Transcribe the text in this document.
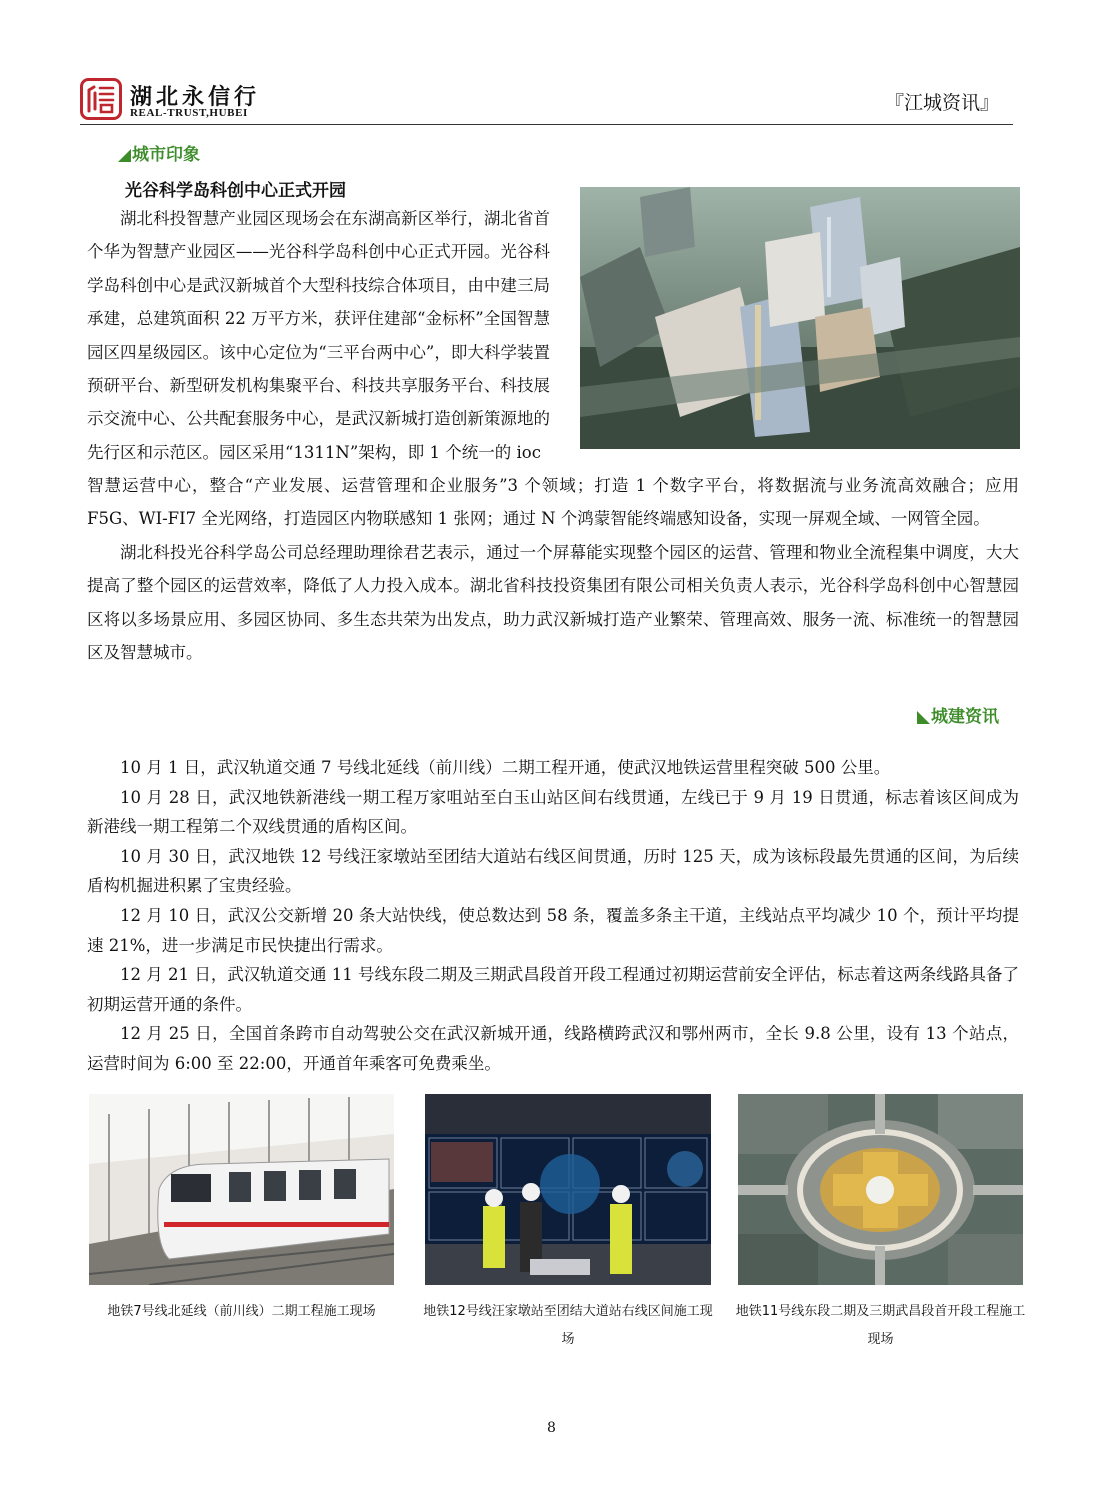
湖北永信行
REAL-TRUST,HUBEI	『江城资讯』
城市印象
光谷科学岛科创中心正式开园

湖北科投智慧产业园区现场会在东湖高新区举行，湖北省首个华为智慧产业园区——光谷科学岛科创中心正式开园。光谷科学岛科创中心是武汉新城首个大型科技综合体项目，由中建三局承建，总建筑面积 22 万平方米，获评住建部“金标杯”全国智慧园区四星级园区。该中心定位为“三平台两中心”，即大科学装置预研平台、新型研发机构集聚平台、科技共享服务平台、科技展示交流中心、公共配套服务中心，是武汉新城打造创新策源地的先行区和示范区。园区采用“1311N”架构，即 1 个统一的 ioc

智慧运营中心，整合“产业发展、运营管理和企业服务”3 个领域；打造 1 个数字平台，将数据流与业务流高效融合；应用 F5G、WI-FI7 全光网络，打造园区内物联感知 1 张网；通过 N 个鸿蒙智能终端感知设备，实现一屏观全域、一网管全园。

湖北科投光谷科学岛公司总经理助理徐君艺表示，通过一个屏幕能实现整个园区的运营、管理和物业全流程集中调度，大大提高了整个园区的运营效率，降低了人力投入成本。湖北省科技投资集团有限公司相关负责人表示，光谷科学岛科创中心智慧园区将以多场景应用、多园区协同、多生态共荣为出发点，助力武汉新城打造产业繁荣、管理高效、服务一流、标准统一的智慧园区及智慧城市。

城建资讯

10 月 1 日，武汉轨道交通 7 号线北延线（前川线）二期工程开通，使武汉地铁运营里程突破 500 公里。

10 月 28 日，武汉地铁新港线一期工程万家咀站至白玉山站区间右线贯通，左线已于 9 月 19 日贯通，标志着该区间成为新港线一期工程第二个双线贯通的盾构区间。

10 月 30 日，武汉地铁 12 号线汪家墩站至团结大道站右线区间贯通，历时 125 天，成为该标段最先贯通的区间，为后续盾构机掘进积累了宝贵经验。

12 月 10 日，武汉公交新增 20 条大站快线，使总数达到 58 条，覆盖多条主干道，主线站点平均减少 10 个，预计平均提速 21%，进一步满足市民快捷出行需求。

12 月 21 日，武汉轨道交通 11 号线东段二期及三期武昌段首开段工程通过初期运营前安全评估，标志着这两条线路具备了初期运营开通的条件。

12 月 25 日，全国首条跨市自动驾驶公交在武汉新城开通，线路横跨武汉和鄂州两市，全长 9.8 公里，设有 13 个站点，运营时间为 6:00 至 22:00，开通首年乘客可免费乘坐。

地铁7号线北延线（前川线）二期工程施工现场	地铁12号线汪家墩站至团结大道站右线区间施工现场
地铁11号线东段二期及三期武昌段首开段工程施工现场
8
